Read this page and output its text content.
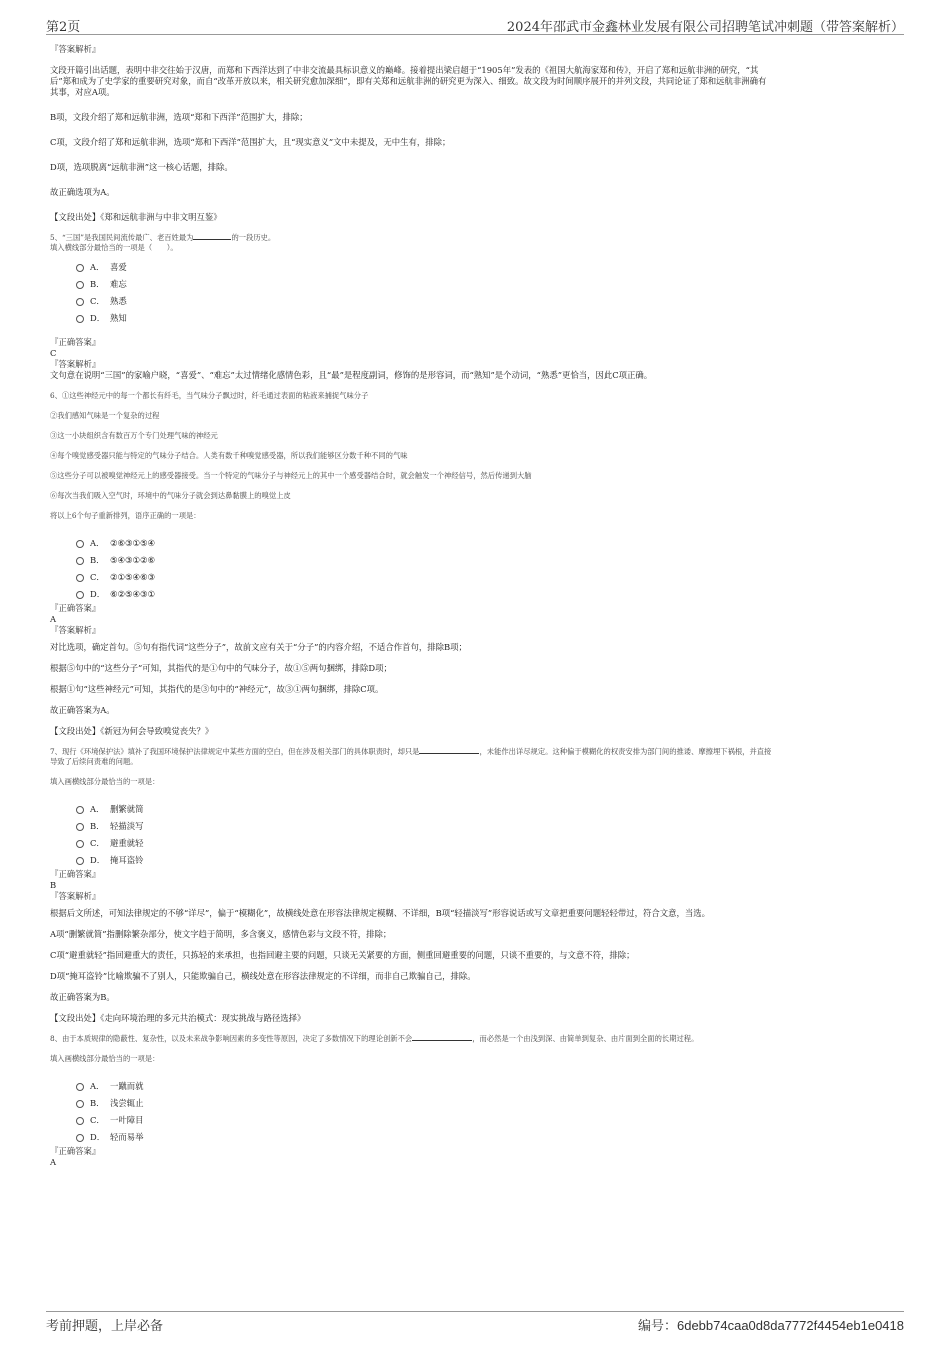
第2页	2024年邵武市金鑫林业发展有限公司招聘笔试冲刺题（带答案解析）

『答案解析』

文段开篇引出话题，表明中非交往始于汉唐，而郑和下西洋达到了中非交流最具标识意义的巅峰。接着提出梁启超于“1905年”发表的《祖国大航海家郑和传》，开启了郑和远航非洲的研究，“其

后”郑和成为了史学家的重要研究对象，而自“改革开放以来，相关研究愈加深细”，即有关郑和远航非洲的研究更为深入、细致。故文段为时间顺序展开的并列文段，共同论证了郑和远航非洲确有

其事，对应A项。

B项，文段介绍了郑和远航非洲，选项“郑和下西洋”范围扩大，排除；

C项，文段介绍了郑和远航非洲，选项“郑和下西洋”范围扩大，且“现实意义”文中未提及，无中生有，排除；

D项，选项脱离“远航非洲”这一核心话题，排除。

故正确选项为A。

【文段出处】《郑和远航非洲与中非文明互鉴》

5、“三国”是我国民间流传最广、老百姓最为	的一段历史。

填入横线部分最恰当的一项是（　　）。

A． 喜爱
B． 难忘
C． 熟悉
D． 熟知

『正确答案』

C

『答案解析』

文句意在说明“三国”的家喻户晓，“喜爱”、“难忘”太过情绪化感情色彩，且“最”是程度副词，修饰的是形容词，而“熟知”是个动词，“熟悉”更恰当，因此C项正确。

6、①这些神经元中的每一个都长有纤毛，当气味分子飘过时，纤毛通过表面的粘液来捕捉气味分子

②我们感知气味是一个复杂的过程

③这一小块组织含有数百万个专门处理气味的神经元

④每个嗅觉感受器只能与特定的气味分子结合。人类有数千种嗅觉感受器，所以我们能够区分数千种不同的气味

⑤这些分子可以被嗅觉神经元上的感受器接受。当一个特定的气味分子与神经元上的其中一个感受器结合时，就会触发一个神经信号，然后传递到大脑

⑥每次当我们吸入空气时，环境中的气味分子就会到达鼻黏膜上的嗅觉上皮

将以上6个句子重新排列，语序正确的一项是：

A． ②⑥③①⑤④
B． ⑤④③①②⑥
C． ②①⑤④⑥③
D． ⑥②⑤④③①

『正确答案』

A

『答案解析』

对比选项，确定首句。⑤句有指代词“这些分子”，故前文应有关于“分子”的内容介绍，不适合作首句，排除B项；

根据⑤句中的“这些分子”可知，其指代的是①句中的气味分子，故①⑤两句捆绑，排除D项；

根据①句“这些神经元”可知，其指代的是③句中的“神经元”，故③①两句捆绑，排除C项。

故正确答案为A。

【文段出处】《新冠为何会导致嗅觉丧失？》

7、现行《环境保护法》填补了我国环境保护法律规定中某些方面的空白，但在涉及相关部门的具体职责时，却只是	，未能作出详尽规定。这种偏于模糊化的权责安排为部门间的推诿、摩擦埋下祸根，并直接

导致了后续问责难的问题。

填入画横线部分最恰当的一项是：

A． 删繁就简
B． 轻描淡写
C． 避重就轻
D． 掩耳盗铃

『正确答案』

B

『答案解析』

根据后文所述，可知法律规定的不够“详尽”，偏于“模糊化”，故横线处意在形容法律规定模糊、不详细，B项“轻描淡写”形容说话或写文章把重要问题轻轻带过，符合文意，当选。

A项“删繁就简”指删除繁杂部分，使文字趋于简明，多含褒义，感情色彩与文段不符，排除；

C项“避重就轻”指回避重大的责任，只拣轻的来承担，也指回避主要的问题，只谈无关紧要的方面，侧重回避重要的问题，只谈不重要的，与文意不符，排除；

D项“掩耳盗铃”比喻欺骗不了别人，只能欺骗自己，横线处意在形容法律规定的不详细，而非自己欺骗自己，排除。

故正确答案为B。

【文段出处】《走向环境治理的多元共治模式：现实挑战与路径选择》

8、由于本质规律的隐蔽性、复杂性，以及未来战争影响因素的多变性等原因，决定了多数情况下的理论创新不会	，而必然是一个由浅到深、由简单到复杂、由片面到全面的长期过程。

填入画横线部分最恰当的一项是：

A． 一蹴而就
B． 浅尝辄止
C． 一叶障目
D． 轻而易举

『正确答案』

A

考前押题，上岸必备	编号：6debb74caa0d8da7772f4454eb1e0418
